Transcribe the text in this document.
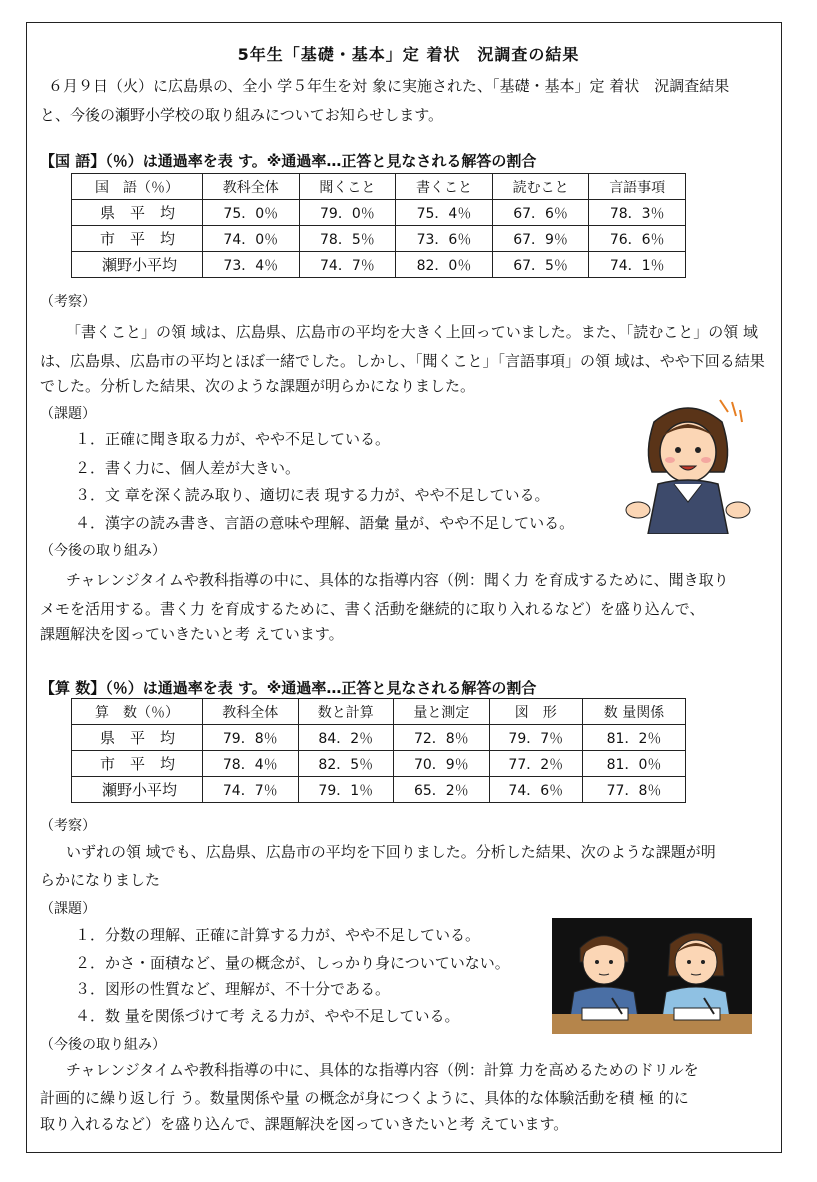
5年生「基礎・基本」定 着状　況調査の結果
６月９日（火）に広島県の、全小 学５年生を対 象に実施された、「基礎・基本」定 着状　況調査結果
と、今後の瀬野小学校の取り組みについてお知らせします。
【国 語】（％）は通過率を表 す。※通過率…正答と見なされる解答の割合
国　語（％）	教科全体	聞くこと	書くこと	読むこと	言語事項
県　平　均	75．0％	79．0％	75．4％	67．6％	78．3％
市　平　均	74．0％	78．5％	73．6％	67．9％	76．6％
瀬野小平均	73．4％	74．7％	82．0％	67．5％	74．1％
（考察）
「書くこと」の領 域は、広島県、広島市の平均を大きく上回っていました。また、「読むこと」の領 域
は、広島県、広島市の平均とほぼ一緒でした。しかし、「聞くこと」「言語事項」の領 域は、やや下回る結果
でした。分析した結果、次のような課題が明らかになりました。
（課題）
１．正確に聞き取る力が、やや不足している。
２．書く力に、個人差が大きい。
３．文 章を深く読み取り、適切に表 現する力が、やや不足している。
４．漢字の読み書き、言語の意味や理解、語彙 量が、やや不足している。
（今後の取り組み）
チャレンジタイムや教科指導の中に、具体的な指導内容（例：聞く力 を育成するために、聞き取り
メモを活用する。書く力 を育成するために、書く活動を継続的に取り入れるなど）を盛り込んで、
課題解決を図っていきたいと考 えています。
【算 数】（％）は通過率を表 す。※通過率…正答と見なされる解答の割合
算　数（％）	教科全体	数と計算	量と測定	図　形	数 量関係
県　平　均	79．8％	84．2％	72．8％	79．7％	81．2％
市　平　均	78．4％	82．5％	70．9％	77．2％	81．0％
瀬野小平均	74．7％	79．1％	65．2％	74．6％	77．8％
（考察）
いずれの領 域でも、広島県、広島市の平均を下回りました。分析した結果、次のような課題が明
らかになりました
（課題）
１．分数の理解、正確に計算する力が、やや不足している。
２．かさ・面積など、量の概念が、しっかり身についていない。
３．図形の性質など、理解が、不十分である。
４．数 量を関係づけて考 える力が、やや不足している。
（今後の取り組み）
チャレンジタイムや教科指導の中に、具体的な指導内容（例：計算 力を高めるためのドリルを
計画的に繰り返し行 う。数量関係や量 の概念が身につくように、具体的な体験活動を積 極 的に
取り入れるなど）を盛り込んで、課題解決を図っていきたいと考 えています。
